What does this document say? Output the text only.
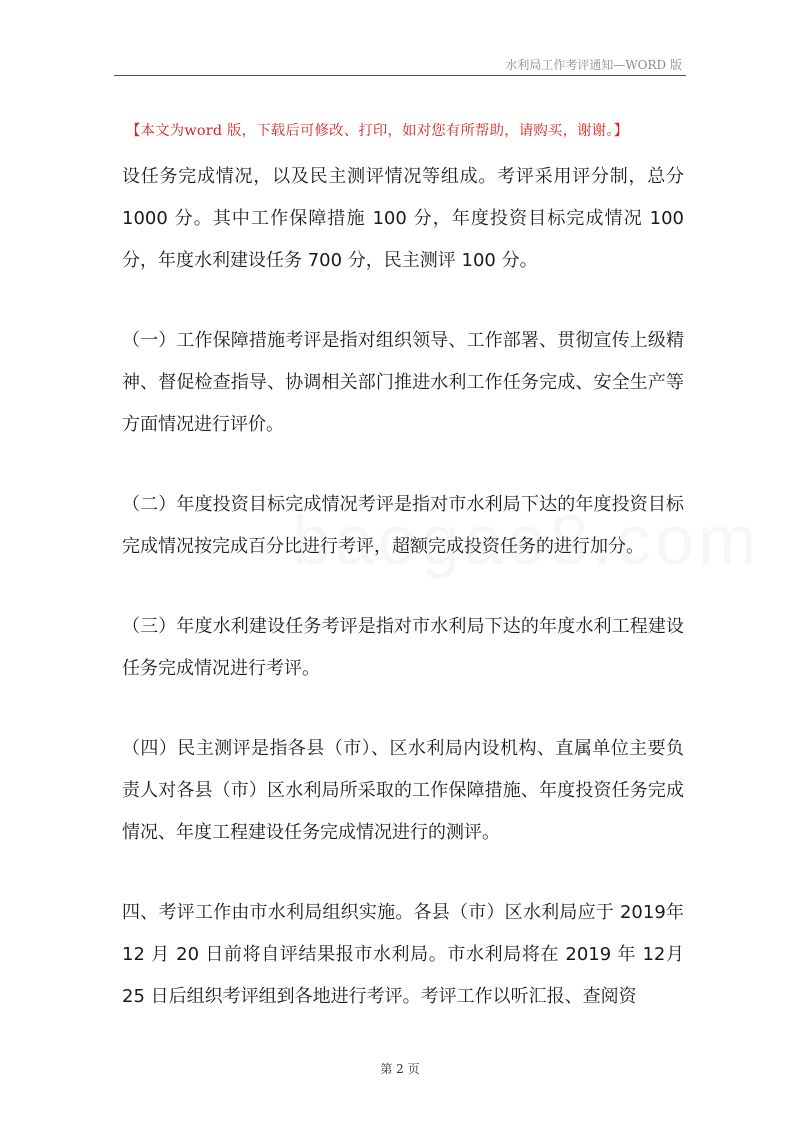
水利局工作考评通知—WORD 版
【本文为word 版，下载后可修改、打印，如对您有所帮助，请购买，谢谢。】

设任务完成情况，以及民主测评情况等组成。考评采用评分制，总分1000 分。其中工作保障措施 100 分，年度投资目标完成情况 100 分，年度水利建设任务 700 分，民主测评 100 分。

（一）工作保障措施考评是指对组织领导、工作部署、贯彻宣传上级精神、督促检查指导、协调相关部门推进水利工作任务完成、安全生产等方面情况进行评价。

（二）年度投资目标完成情况考评是指对市水利局下达的年度投资目标完成情况按完成百分比进行考评，超额完成投资任务的进行加分。

（三）年度水利建设任务考评是指对市水利局下达的年度水利工程建设任务完成情况进行考评。

（四）民主测评是指各县（市）、区水利局内设机构、直属单位主要负责人对各县（市）区水利局所采取的工作保障措施、年度投资任务完成情况、年度工程建设任务完成情况进行的测评。

四、考评工作由市水利局组织实施。各县（市）区水利局应于 2019年 12 月 20 日前将自评结果报市水利局。市水利局将在 2019 年 12月 25 日后组织考评组到各地进行考评。考评工作以听汇报、查阅资

第 2 页
